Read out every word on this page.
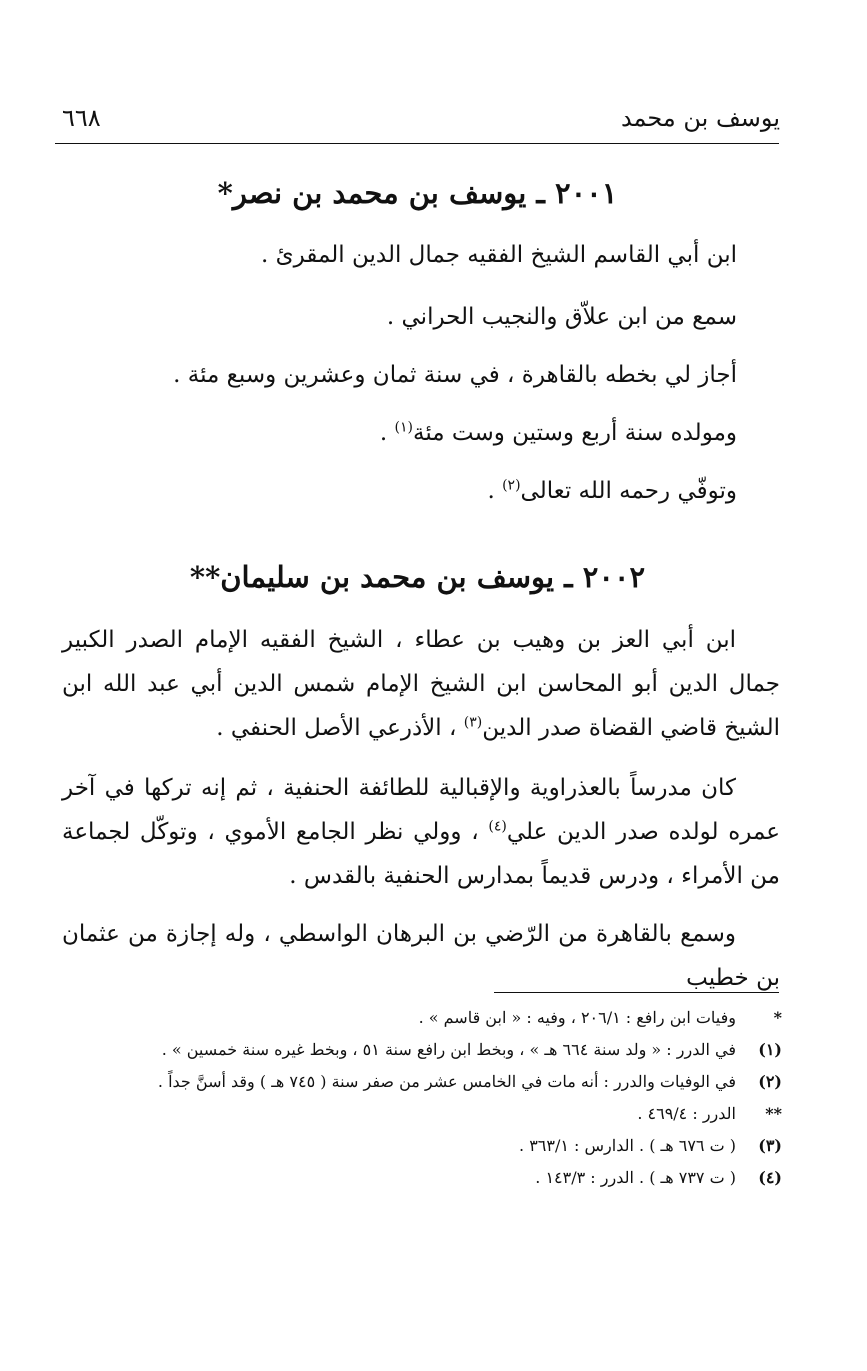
يوسف بن محمد
٦٦٨
٢٠٠١ ـ يوسف بن محمد بن نصر*
ابن أبي القاسم الشيخ الفقيه جمال الدين المقرئ .
سمع من ابن علاّق والنجيب الحراني .
أجاز لي بخطه بالقاهرة ، في سنة ثمان وعشرين وسبع مئة .
ومولده سنة أربع وستين وست مئة$^{(١)}$ .
وتوفّي رحمه الله تعالى$^{(٢)}$ .
٢٠٠٢ ـ يوسف بن محمد بن سليمان**
ابن أبي العز بن وهيب بن عطاء ، الشيخ الفقيه الإمام الصدر الكبير جمال الدين أبو المحاسن ابن الشيخ الإمام شمس الدين أبي عبد الله ابن الشيخ قاضي القضاة صدر الدين$^{(٣)}$ ، الأذرعي الأصل الحنفي .
كان مدرساً بالعذراوية والإقبالية للطائفة الحنفية ، ثم إنه تركها في آخر عمره لولده صدر الدين علي$^{(٤)}$ ، وولي نظر الجامع الأموي ، وتوكّل لجماعة من الأمراء ، ودرس قديماً بمدارس الحنفية بالقدس .
وسمع بالقاهرة من الرّضي بن البرهان الواسطي ، وله إجازة من عثمان بن خطيب
*
وفيات ابن رافع : ٢٠٦/١ ، وفيه : « ابن قاسم » .
(١)
في الدرر : « ولد سنة ٦٦٤ هـ » ، وبخط ابن رافع سنة ٥١ ، وبخط غيره سنة خمسين » .
(٢)
في الوفيات والدرر : أنه مات في الخامس عشر من صفر سنة ( ٧٤٥ هـ ) وقد أسنَّ جداً .
**
الدرر : ٤٦٩/٤ .
(٣)
( ت ٦٧٦ هـ ) . الدارس : ٣٦٣/١ .
(٤)
( ت ٧٣٧ هـ ) . الدرر : ١٤٣/٣ .
